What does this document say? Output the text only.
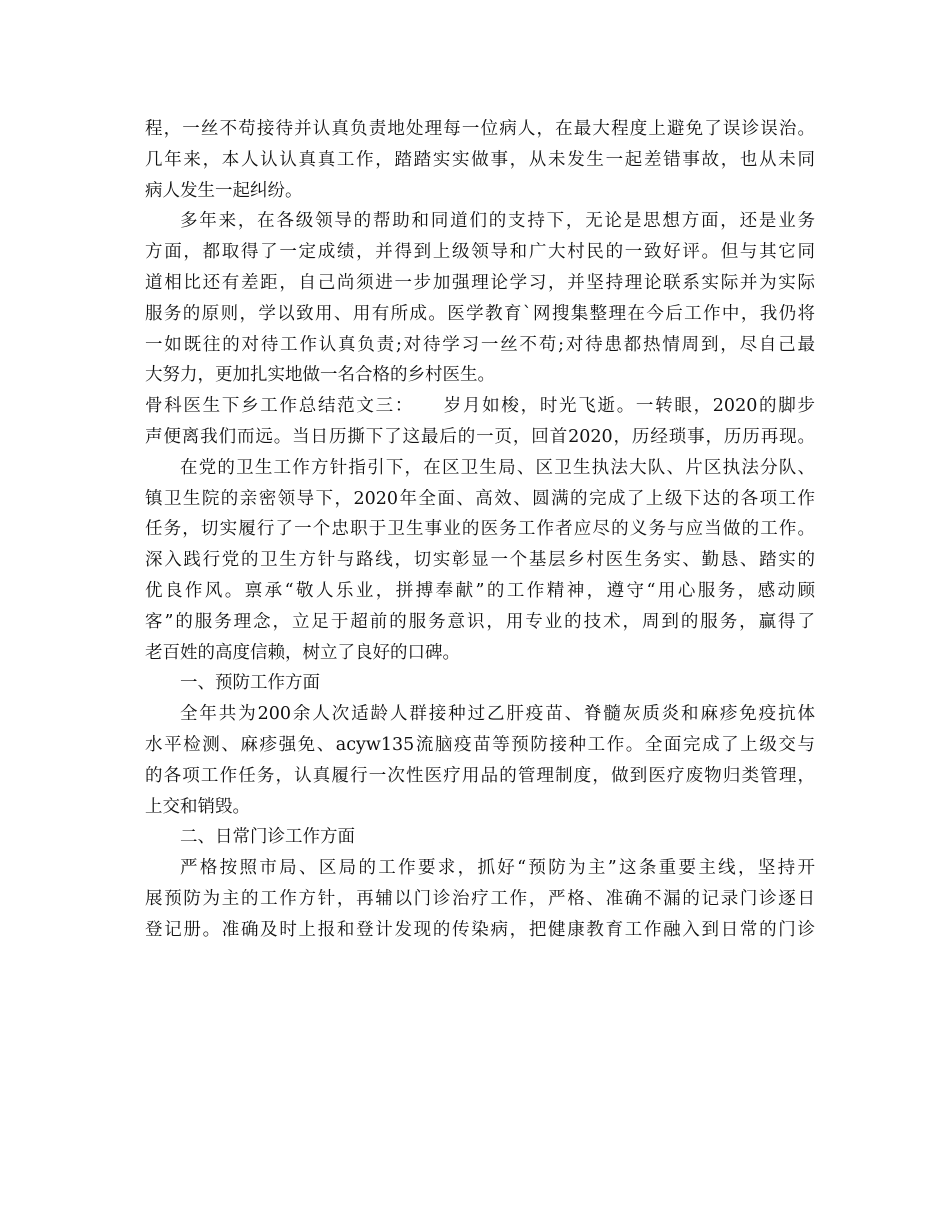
程，一丝不苟接待并认真负责地处理每一位病人，在最大程度上避免了误诊误治。
几年来，本人认认真真工作，踏踏实实做事，从未发生一起差错事故，也从未同
病人发生一起纠纷。
多年来，在各级领导的帮助和同道们的支持下，无论是思想方面，还是业务
方面，都取得了一定成绩，并得到上级领导和广大村民的一致好评。但与其它同
道相比还有差距，自己尚须进一步加强理论学习，并坚持理论联系实际并为实际
服务的原则，学以致用、用有所成。医学教育`网搜集整理在今后工作中，我仍将
一如既往的对待工作认真负责;对待学习一丝不苟;对待患都热情周到，尽自己最
大努力，更加扎实地做一名合格的乡村医生。
骨科医生下乡工作总结范文三：　　岁月如梭，时光飞逝。一转眼，2020的脚步
声便离我们而远。当日历撕下了这最后的一页，回首2020，历经琐事，历历再现。
在党的卫生工作方针指引下，在区卫生局、区卫生执法大队、片区执法分队、
镇卫生院的亲密领导下，2020年全面、高效、圆满的完成了上级下达的各项工作
任务，切实履行了一个忠职于卫生事业的医务工作者应尽的义务与应当做的工作。
深入践行党的卫生方针与路线，切实彰显一个基层乡村医生务实、勤恳、踏实的
优良作风。禀承“敬人乐业，拼搏奉献”的工作精神，遵守“用心服务，感动顾
客”的服务理念，立足于超前的服务意识，用专业的技术，周到的服务，赢得了
老百姓的高度信赖，树立了良好的口碑。
一、预防工作方面
全年共为200余人次适龄人群接种过乙肝疫苗、脊髓灰质炎和麻疹免疫抗体
水平检测、麻疹强免、acyw135流脑疫苗等预防接种工作。全面完成了上级交与
的各项工作任务，认真履行一次性医疗用品的管理制度，做到医疗废物归类管理，
上交和销毁。
二、日常门诊工作方面
严格按照市局、区局的工作要求，抓好“预防为主”这条重要主线，坚持开
展预防为主的工作方针，再辅以门诊治疗工作，严格、准确不漏的记录门诊逐日
登记册。准确及时上报和登计发现的传染病，把健康教育工作融入到日常的门诊
